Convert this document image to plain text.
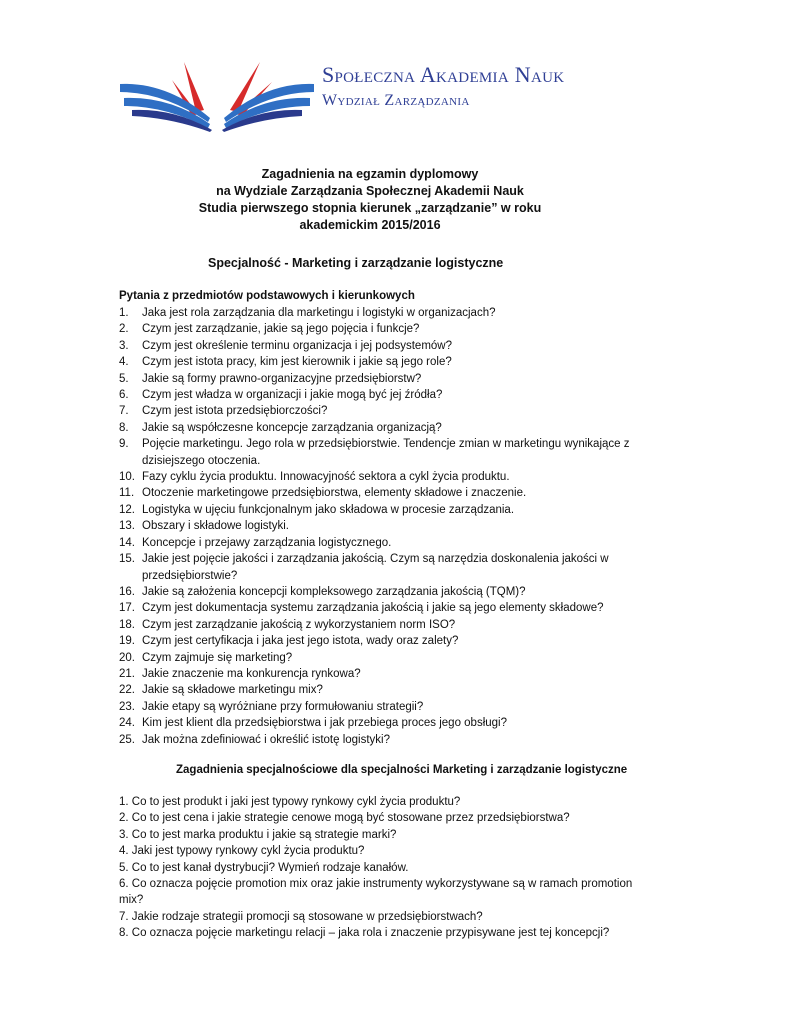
Społeczna Akademia Nauk
Wydział Zarządzania
Zagadnienia na egzamin dyplomowy
na Wydziale Zarządzania Społecznej Akademii Nauk
Studia pierwszego stopnia kierunek „zarządzanie” w roku
akademickim 2015/2016
Specjalność - Marketing i zarządzanie logistyczne
Pytania z przedmiotów podstawowych i kierunkowych
1. Jaka jest rola zarządzania dla marketingu i logistyki w organizacjach?
2. Czym jest zarządzanie, jakie są jego pojęcia i funkcje?
3. Czym jest określenie terminu organizacja i jej podsystemów?
4. Czym jest istota pracy, kim jest kierownik i jakie są jego role?
5. Jakie są formy prawno-organizacyjne przedsiębiorstw?
6. Czym jest władza w organizacji i jakie mogą być jej źródła?
7. Czym jest istota przedsiębiorczości?
8. Jakie są współczesne koncepcje zarządzania organizacją?
9. Pojęcie marketingu. Jego rola w przedsiębiorstwie. Tendencje zmian w marketingu wynikające z
dzisiejszego otoczenia.
10. Fazy cyklu życia produktu. Innowacyjność sektora a cykl życia produktu.
11. Otoczenie marketingowe przedsiębiorstwa, elementy składowe i znaczenie.
12. Logistyka w ujęciu funkcjonalnym jako składowa w procesie zarządzania.
13. Obszary i składowe logistyki.
14. Koncepcje i przejawy zarządzania logistycznego.
15. Jakie jest pojęcie jakości i zarządzania jakością. Czym są narzędzia doskonalenia jakości w
przedsiębiorstwie?
16. Jakie są założenia koncepcji kompleksowego zarządzania jakością (TQM)?
17. Czym jest dokumentacja systemu zarządzania jakością i jakie są jego elementy składowe?
18. Czym jest zarządzanie jakością z wykorzystaniem norm ISO?
19. Czym jest certyfikacja i jaka jest jego istota, wady oraz zalety?
20. Czym zajmuje się marketing?
21. Jakie znaczenie ma konkurencja rynkowa?
22. Jakie są składowe marketingu mix?
23. Jakie etapy są wyróżniane przy formułowaniu strategii?
24. Kim jest klient dla przedsiębiorstwa i jak przebiega proces jego obsługi?
25. Jak można zdefiniować i określić istotę logistyki?
Zagadnienia specjalnościowe dla specjalności Marketing i zarządzanie logistyczne
1. Co to jest produkt i jaki jest typowy rynkowy cykl życia produktu?
2. Co to jest cena i jakie strategie cenowe mogą być stosowane przez przedsiębiorstwa?
3. Co to jest marka produktu i jakie są strategie marki?
4. Jaki jest typowy rynkowy cykl życia produktu?
5. Co to jest kanał dystrybucji? Wymień rodzaje kanałów.
6. Co oznacza pojęcie promotion mix oraz jakie instrumenty wykorzystywane są w ramach promotion
mix?
7. Jakie rodzaje strategii promocji są stosowane w przedsiębiorstwach?
8. Co oznacza pojęcie marketingu relacji – jaka rola i znaczenie przypisywane jest tej koncepcji?
